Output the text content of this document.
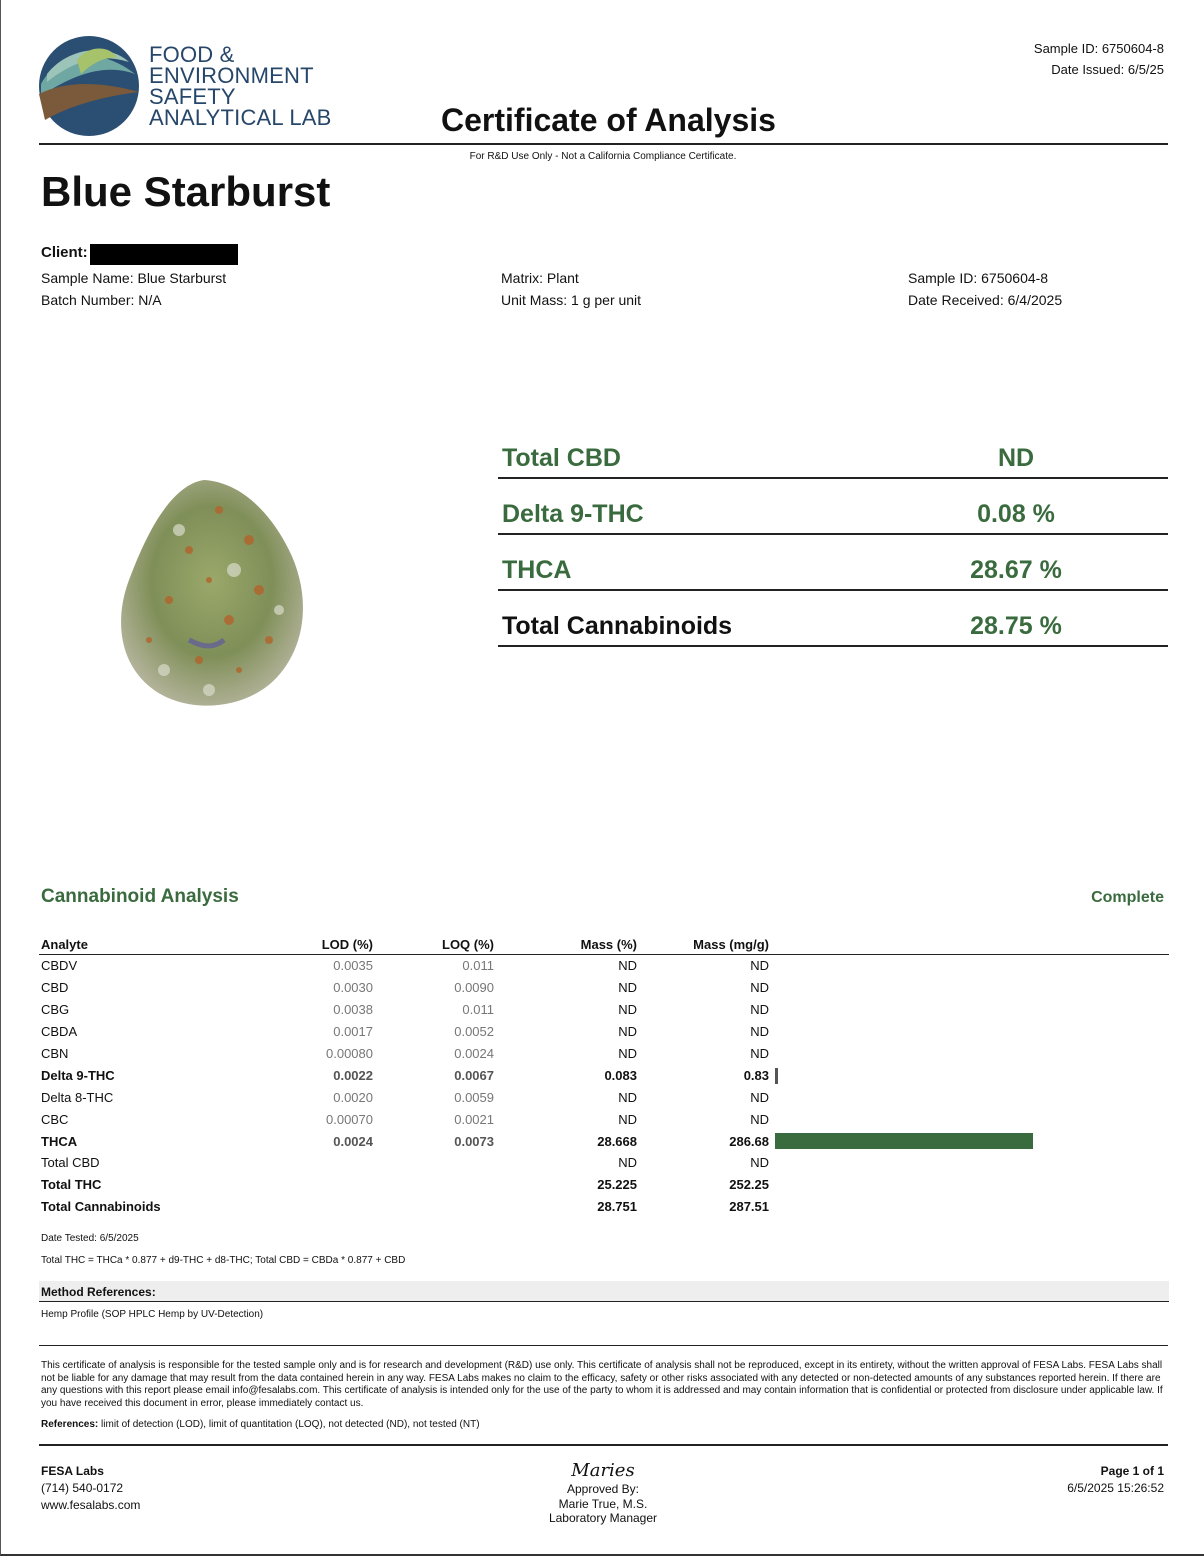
FOOD &
ENVIRONMENT
SAFETY
ANALYTICAL LAB	Certificate of Analysis
Sample ID: 6750604-8
Date Issued: 6/5/25
For R&D Use Only - Not a California Compliance Certificate.
Blue Starburst
Client:
Sample Name: Blue Starburst
Batch Number: N/A
Matrix: Plant
Unit Mass: 1 g per unit
Sample ID: 6750604-8
Date Received: 6/4/2025
Total CBD	ND
Delta 9-THC	0.08 %
THCA	28.67 %
Total Cannabinoids	28.75 %
Cannabinoid Analysis	Complete
Analyte	LOD (%)	LOQ (%)	Mass (%)	Mass (mg/g)	
CBDV	0.0035	0.011	ND	ND	
CBD	0.0030	0.0090	ND	ND	
CBG	0.0038	0.011	ND	ND	
CBDA	0.0017	0.0052	ND	ND	
CBN	0.00080	0.0024	ND	ND	
Delta 9-THC	0.0022	0.0067	0.083	0.83	
Delta 8-THC	0.0020	0.0059	ND	ND	
CBC	0.00070	0.0021	ND	ND	
THCA	0.0024	0.0073	28.668	286.68	
Total CBD			ND	ND	
Total THC			25.225	252.25	
Total Cannabinoids			28.751	287.51	
Date Tested: 6/5/2025
Total THC = THCa * 0.877 + d9-THC + d8-THC; Total CBD = CBDa * 0.877 + CBD
Method References:
Hemp Profile (SOP HPLC Hemp by UV-Detection)
This certificate of analysis is responsible for the tested sample only and is for research and development (R&D) use only. This certificate of analysis shall not be reproduced, except in its entirety, without the written approval of FESA Labs. FESA Labs shall not be liable for any damage that may result from the data contained herein in any way. FESA Labs makes no claim to the efficacy, safety or other risks associated with any detected or non-detected amounts of any substances reported herein. If there are any questions with this report please email info@fesalabs.com. This certificate of analysis is intended only for the use of the party to whom it is addressed and may contain information that is confidential or protected from disclosure under applicable law. If you have received this document in error, please immediately contact us.
References: limit of detection (LOD), limit of quantitation (LOQ), not detected (ND), not tested (NT)
FESA Labs
(714) 540-0172
www.fesalabs.com
Maries
Approved By:
Marie True, M.S.
Laboratory Manager
Page 1 of 1
6/5/2025 15:26:52
